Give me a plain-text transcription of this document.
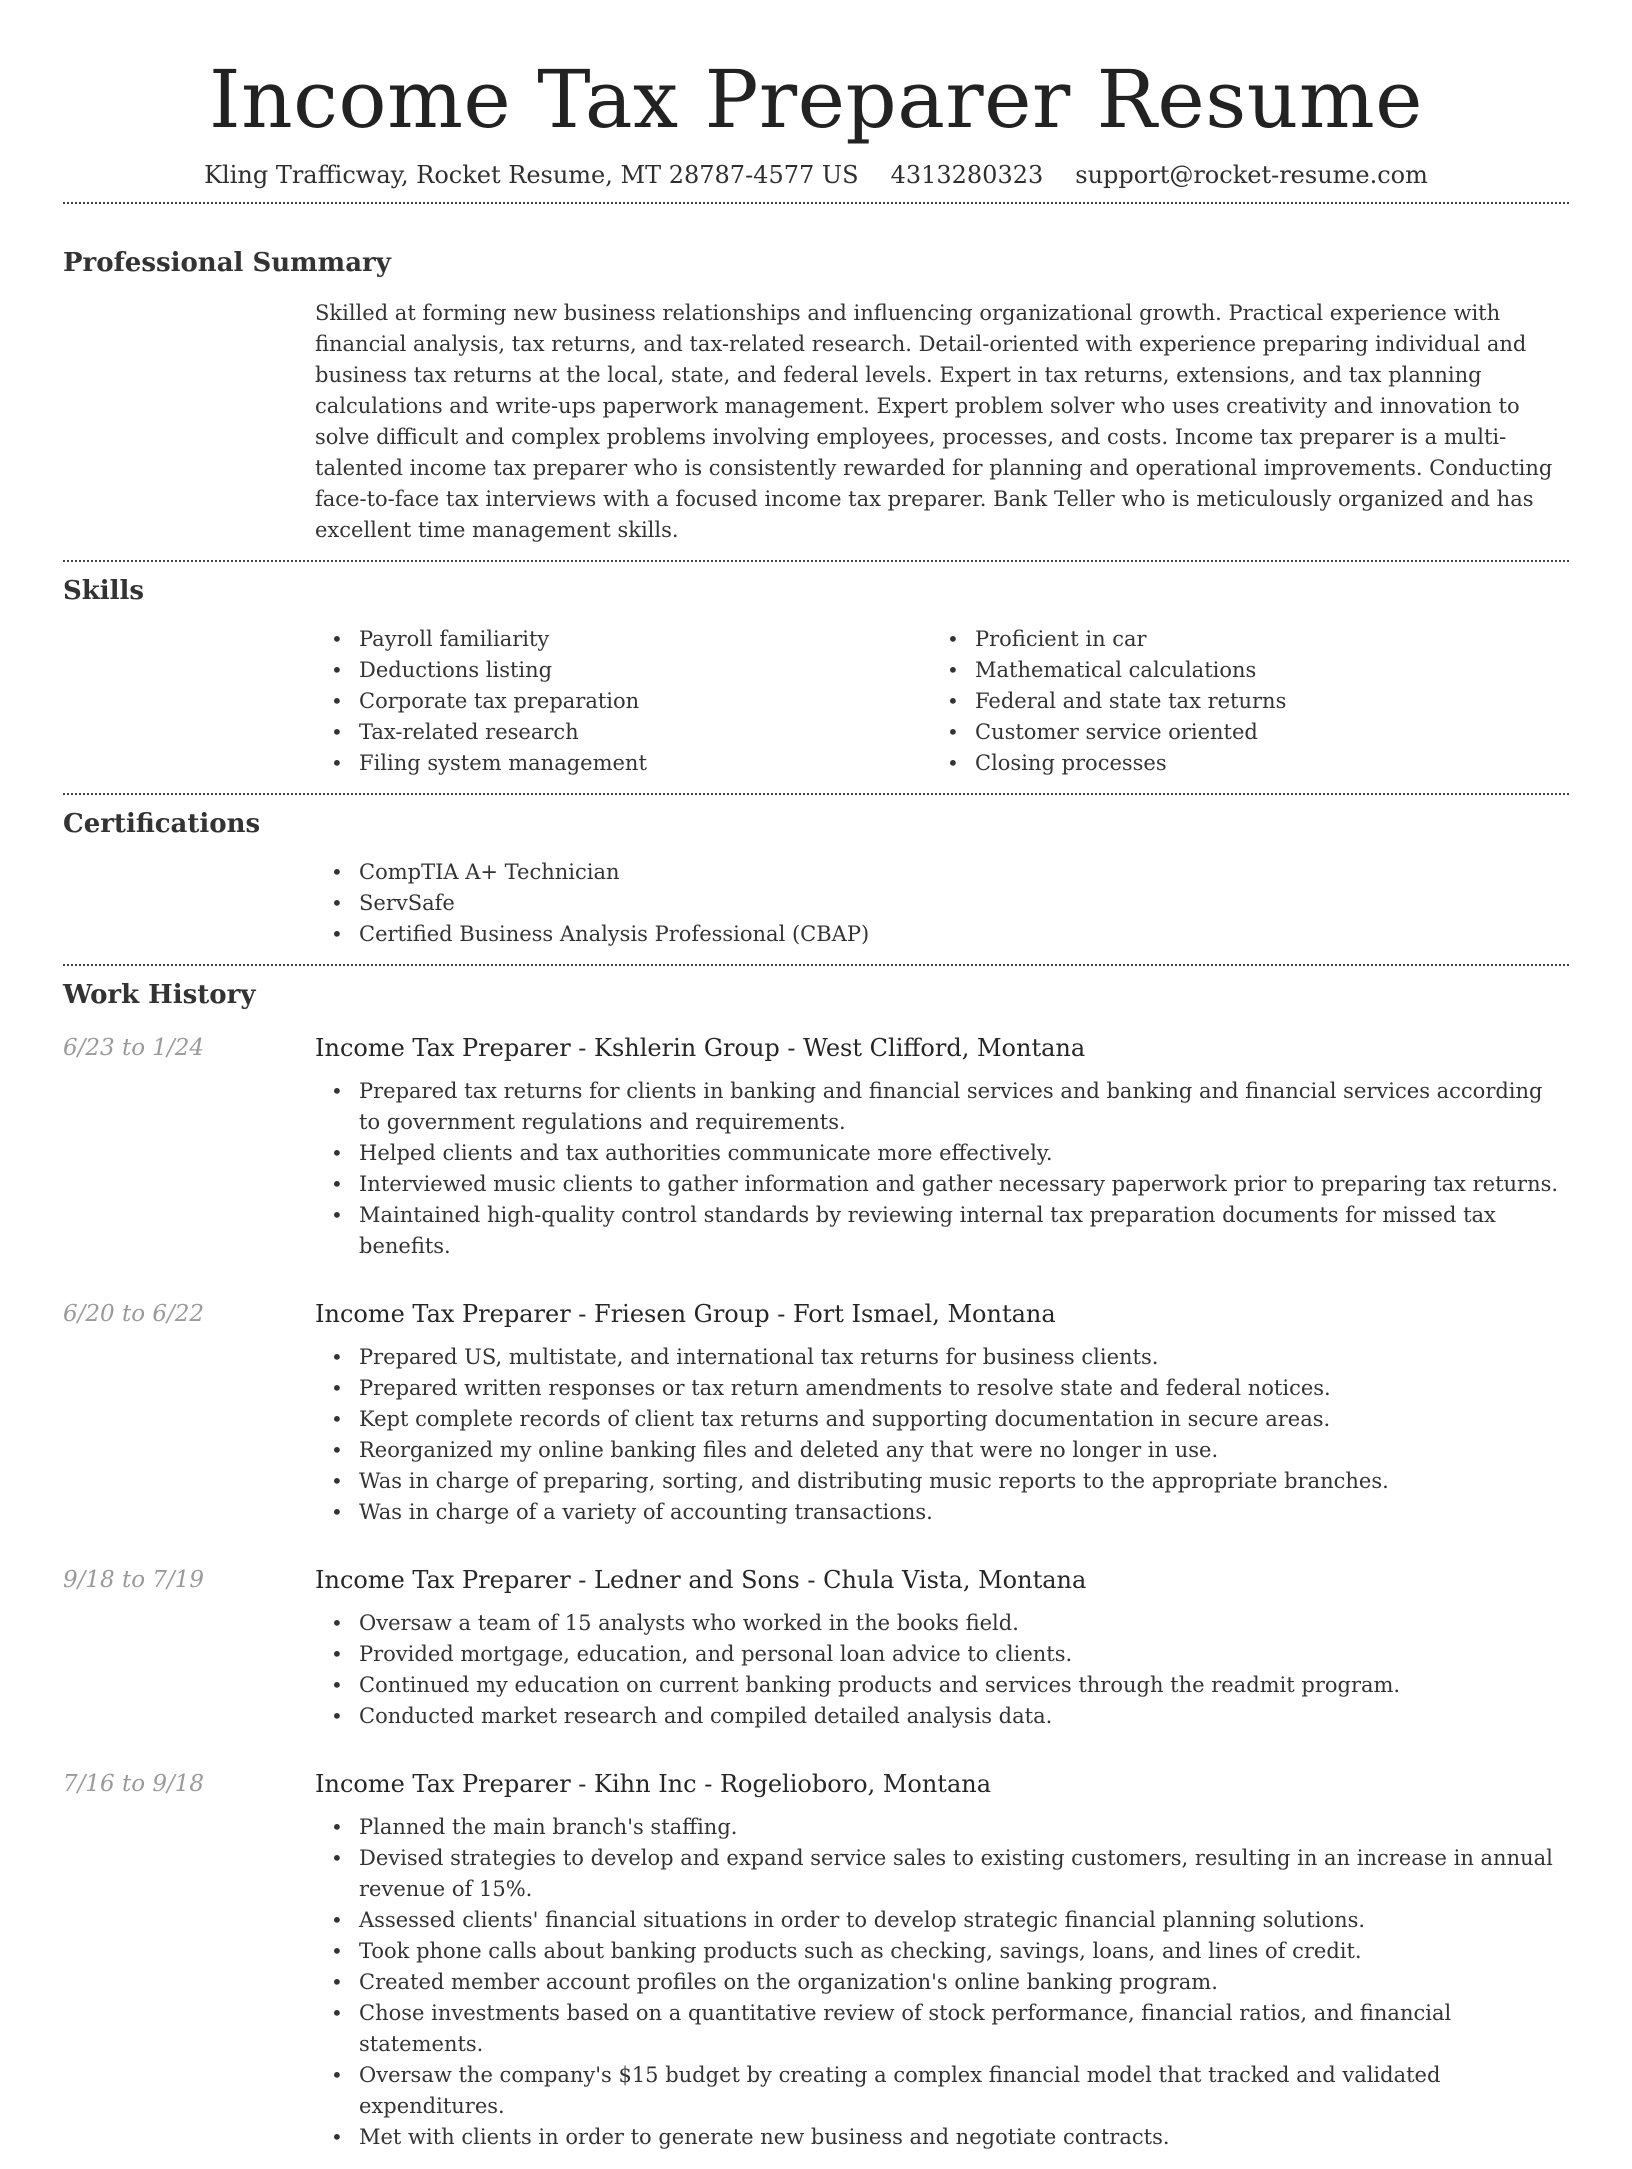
Income Tax Preparer Resume
Kling Trafficway, Rocket Resume, MT 28787-4577 US 4313280323 support@rocket-resume.com
Professional Summary

Skilled at forming new business relationships and influencing organizational growth. Practical experience with financial analysis, tax returns, and tax-related research. Detail-oriented with experience preparing individual and business tax returns at the local, state, and federal levels. Expert in tax returns, extensions, and tax planning calculations and write-ups paperwork management. Expert problem solver who uses creativity and innovation to solve difficult and complex problems involving employees, processes, and costs. Income tax preparer is a multi-talented income tax preparer who is consistently rewarded for planning and operational improvements. Conducting face-to-face tax interviews with a focused income tax preparer. Bank Teller who is meticulously organized and has excellent time management skills.

Skills
• Payroll familiarity
• Deductions listing
• Corporate tax preparation
• Tax-related research
• Filing system management
• Proficient in car
• Mathematical calculations
• Federal and state tax returns
• Customer service oriented
• Closing processes
Certifications
• CompTIA A+ Technician
• ServSafe
• Certified Business Analysis Professional (CBAP)
Work History
6/23 to 1/24	Income Tax Preparer - Kshlerin Group - West Clifford, Montana
• Prepared tax returns for clients in banking and financial services and banking and financial services according to government regulations and requirements.
• Helped clients and tax authorities communicate more effectively.
• Interviewed music clients to gather information and gather necessary paperwork prior to preparing tax returns.
• Maintained high-quality control standards by reviewing internal tax preparation documents for missed tax benefits.
6/20 to 6/22	Income Tax Preparer - Friesen Group - Fort Ismael, Montana
• Prepared US, multistate, and international tax returns for business clients.
• Prepared written responses or tax return amendments to resolve state and federal notices.
• Kept complete records of client tax returns and supporting documentation in secure areas.
• Reorganized my online banking files and deleted any that were no longer in use.
• Was in charge of preparing, sorting, and distributing music reports to the appropriate branches.
• Was in charge of a variety of accounting transactions.
9/18 to 7/19	Income Tax Preparer - Ledner and Sons - Chula Vista, Montana
• Oversaw a team of 15 analysts who worked in the books field.
• Provided mortgage, education, and personal loan advice to clients.
• Continued my education on current banking products and services through the readmit program.
• Conducted market research and compiled detailed analysis data.
7/16 to 9/18	Income Tax Preparer - Kihn Inc - Rogelioboro, Montana
• Planned the main branch's staffing.
• Devised strategies to develop and expand service sales to existing customers, resulting in an increase in annual revenue of 15%.
• Assessed clients' financial situations in order to develop strategic financial planning solutions.
• Took phone calls about banking products such as checking, savings, loans, and lines of credit.
• Created member account profiles on the organization's online banking program.
• Chose investments based on a quantitative review of stock performance, financial ratios, and financial statements.
• Oversaw the company's $15 budget by creating a complex financial model that tracked and validated expenditures.
• Met with clients in order to generate new business and negotiate contracts.
